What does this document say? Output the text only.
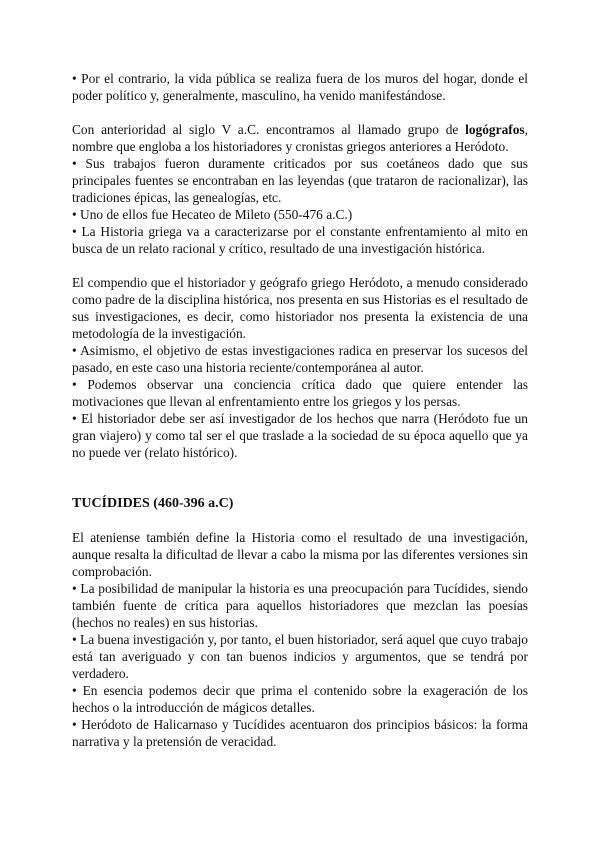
• Por el contrario, la vida pública se realiza fuera de los muros del hogar, donde el poder político y, generalmente, masculino, ha venido manifestándose.

Con anterioridad al siglo V a.C. encontramos al llamado grupo de logógrafos, nombre que engloba a los historiadores y cronistas griegos anteriores a Heródoto.

• Sus trabajos fueron duramente criticados por sus coetáneos dado que sus principales fuentes se encontraban en las leyendas (que trataron de racionalizar), las tradiciones épicas, las genealogías, etc.

• Uno de ellos fue Hecateo de Mileto (550-476 a.C.)

• La Historia griega va a caracterizarse por el constante enfrentamiento al mito en busca de un relato racional y crítico, resultado de una investigación histórica.

El compendio que el historiador y geógrafo griego Heródoto, a menudo considerado como padre de la disciplina histórica, nos presenta en sus Historias es el resultado de sus investigaciones, es decir, como historiador nos presenta la existencia de una metodología de la investigación.

• Asimismo, el objetivo de estas investigaciones radica en preservar los sucesos del pasado, en este caso una historia reciente/contemporánea al autor.

• Podemos observar una conciencia crítica dado que quiere entender las motivaciones que llevan al enfrentamiento entre los griegos y los persas.

• El historiador debe ser así investigador de los hechos que narra (Heródoto fue un gran viajero) y como tal ser el que traslade a la sociedad de su época aquello que ya no puede ver (relato histórico).

TUCÍDIDES (460-396 a.C)

El ateniense también define la Historia como el resultado de una investigación, aunque resalta la dificultad de llevar a cabo la misma por las diferentes versiones sin comprobación.

• La posibilidad de manipular la historia es una preocupación para Tucídides, siendo también fuente de crítica para aquellos historiadores que mezclan las poesías (hechos no reales) en sus historias.

• La buena investigación y, por tanto, el buen historiador, será aquel que cuyo trabajo está tan averiguado y con tan buenos indicios y argumentos, que se tendrá por verdadero.

• En esencia podemos decir que prima el contenido sobre la exageración de los hechos o la introducción de mágicos detalles.

• Heródoto de Halicarnaso y Tucídides acentuaron dos principios básicos: la forma narrativa y la pretensión de veracidad.
